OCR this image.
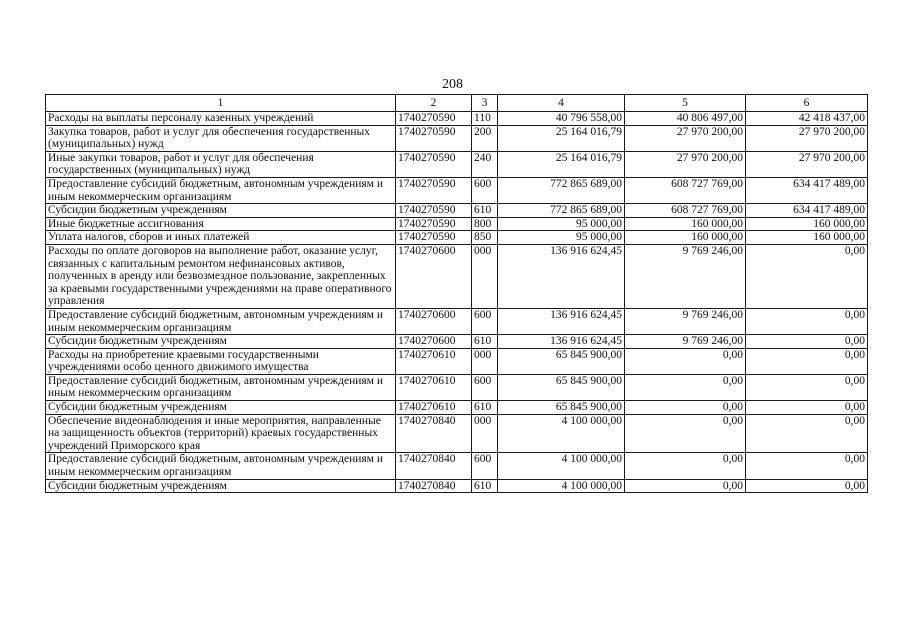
208
1	2	3	4	5	6
Расходы на выплаты персоналу казенных учреждений	1740270590	110	40 796 558,00	40 806 497,00	42 418 437,00
Закупка товаров, работ и услуг для обеспечения государственных (муниципальных) нужд	1740270590	200	25 164 016,79	27 970 200,00	27 970 200,00
Иные закупки товаров, работ и услуг для обеспечения государственных (муниципальных) нужд	1740270590	240	25 164 016,79	27 970 200,00	27 970 200,00
Предоставление субсидий бюджетным, автономным учреждениям и иным некоммерческим организациям	1740270590	600	772 865 689,00	608 727 769,00	634 417 489,00
Субсидии бюджетным учреждениям	1740270590	610	772 865 689,00	608 727 769,00	634 417 489,00
Иные бюджетные ассигнования	1740270590	800	95 000,00	160 000,00	160 000,00
Уплата налогов, сборов и иных платежей	1740270590	850	95 000,00	160 000,00	160 000,00
Расходы по оплате договоров на выполнение работ, оказание услуг, связанных с капитальным ремонтом нефинансовых активов, полученных в аренду или безвозмездное пользование, закрепленных за краевыми государственными учреждениями на праве оперативного управления	1740270600	000	136 916 624,45	9 769 246,00	0,00
Предоставление субсидий бюджетным, автономным учреждениям и иным некоммерческим организациям	1740270600	600	136 916 624,45	9 769 246,00	0,00
Субсидии бюджетным учреждениям	1740270600	610	136 916 624,45	9 769 246,00	0,00
Расходы на приобретение краевыми государственными учреждениями особо ценного движимого имущества	1740270610	000	65 845 900,00	0,00	0,00
Предоставление субсидий бюджетным, автономным учреждениям и иным некоммерческим организациям	1740270610	600	65 845 900,00	0,00	0,00
Субсидии бюджетным учреждениям	1740270610	610	65 845 900,00	0,00	0,00
Обеспечение видеонаблюдения и иные мероприятия, направленные на защищенность объектов (территорий) краевых государственных учреждений Приморского края	1740270840	000	4 100 000,00	0,00	0,00
Предоставление субсидий бюджетным, автономным учреждениям и иным некоммерческим организациям	1740270840	600	4 100 000,00	0,00	0,00
Субсидии бюджетным учреждениям	1740270840	610	4 100 000,00	0,00	0,00
